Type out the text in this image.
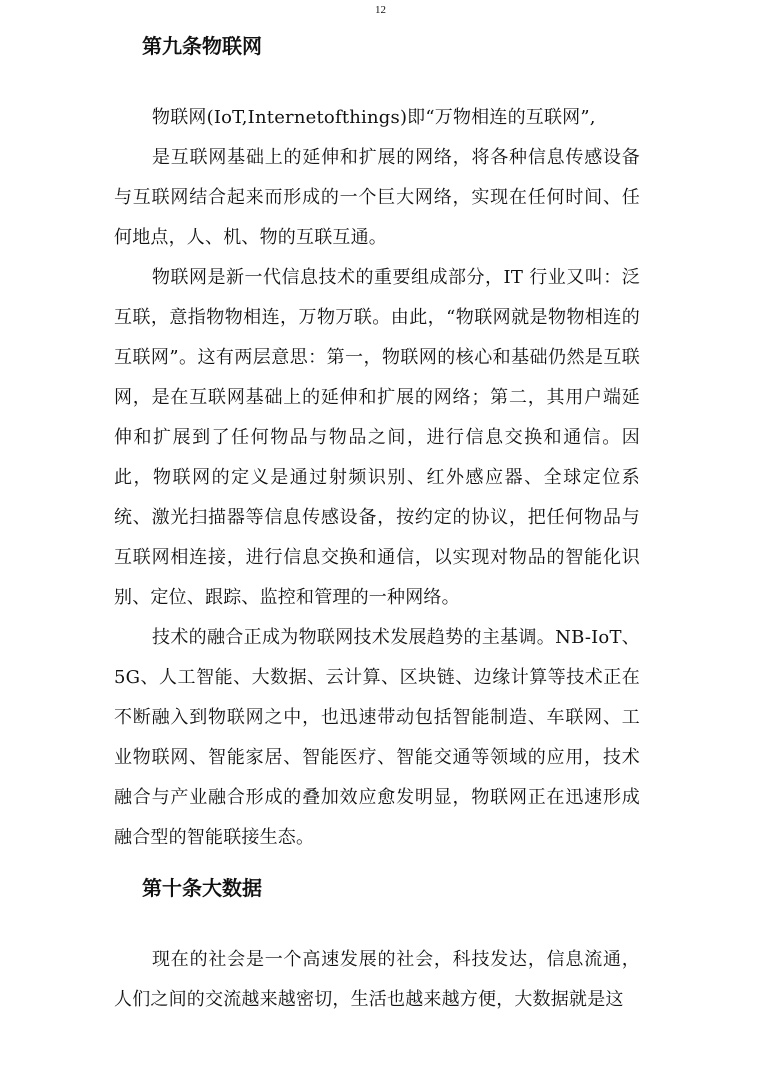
12
第九条物联网

物联网(IoT,Internetofthings)即“万物相连的互联网”,

是互联网基础上的延伸和扩展的网络，将各种信息传感设备与互联网结合起来而形成的一个巨大网络，实现在任何时间、任何地点，人、机、物的互联互通。

物联网是新一代信息技术的重要组成部分，IT 行业又叫：泛互联，意指物物相连，万物万联。由此，“物联网就是物物相连的互联网”。这有两层意思：第一，物联网的核心和基础仍然是互联网，是在互联网基础上的延伸和扩展的网络；第二，其用户端延伸和扩展到了任何物品与物品之间，进行信息交换和通信。因此，物联网的定义是通过射频识别、红外感应器、全球定位系统、激光扫描器等信息传感设备，按约定的协议，把任何物品与互联网相连接，进行信息交换和通信，以实现对物品的智能化识别、定位、跟踪、监控和管理的一种网络。

技术的融合正成为物联网技术发展趋势的主基调。NB-IoT、5G、人工智能、大数据、云计算、区块链、边缘计算等技术正在不断融入到物联网之中，也迅速带动包括智能制造、车联网、工业物联网、智能家居、智能医疗、智能交通等领域的应用，技术融合与产业融合形成的叠加效应愈发明显，物联网正在迅速形成融合型的智能联接生态。

第十条大数据

现在的社会是一个高速发展的社会，科技发达，信息流通，人们之间的交流越来越密切，生活也越来越方便，大数据就是这
